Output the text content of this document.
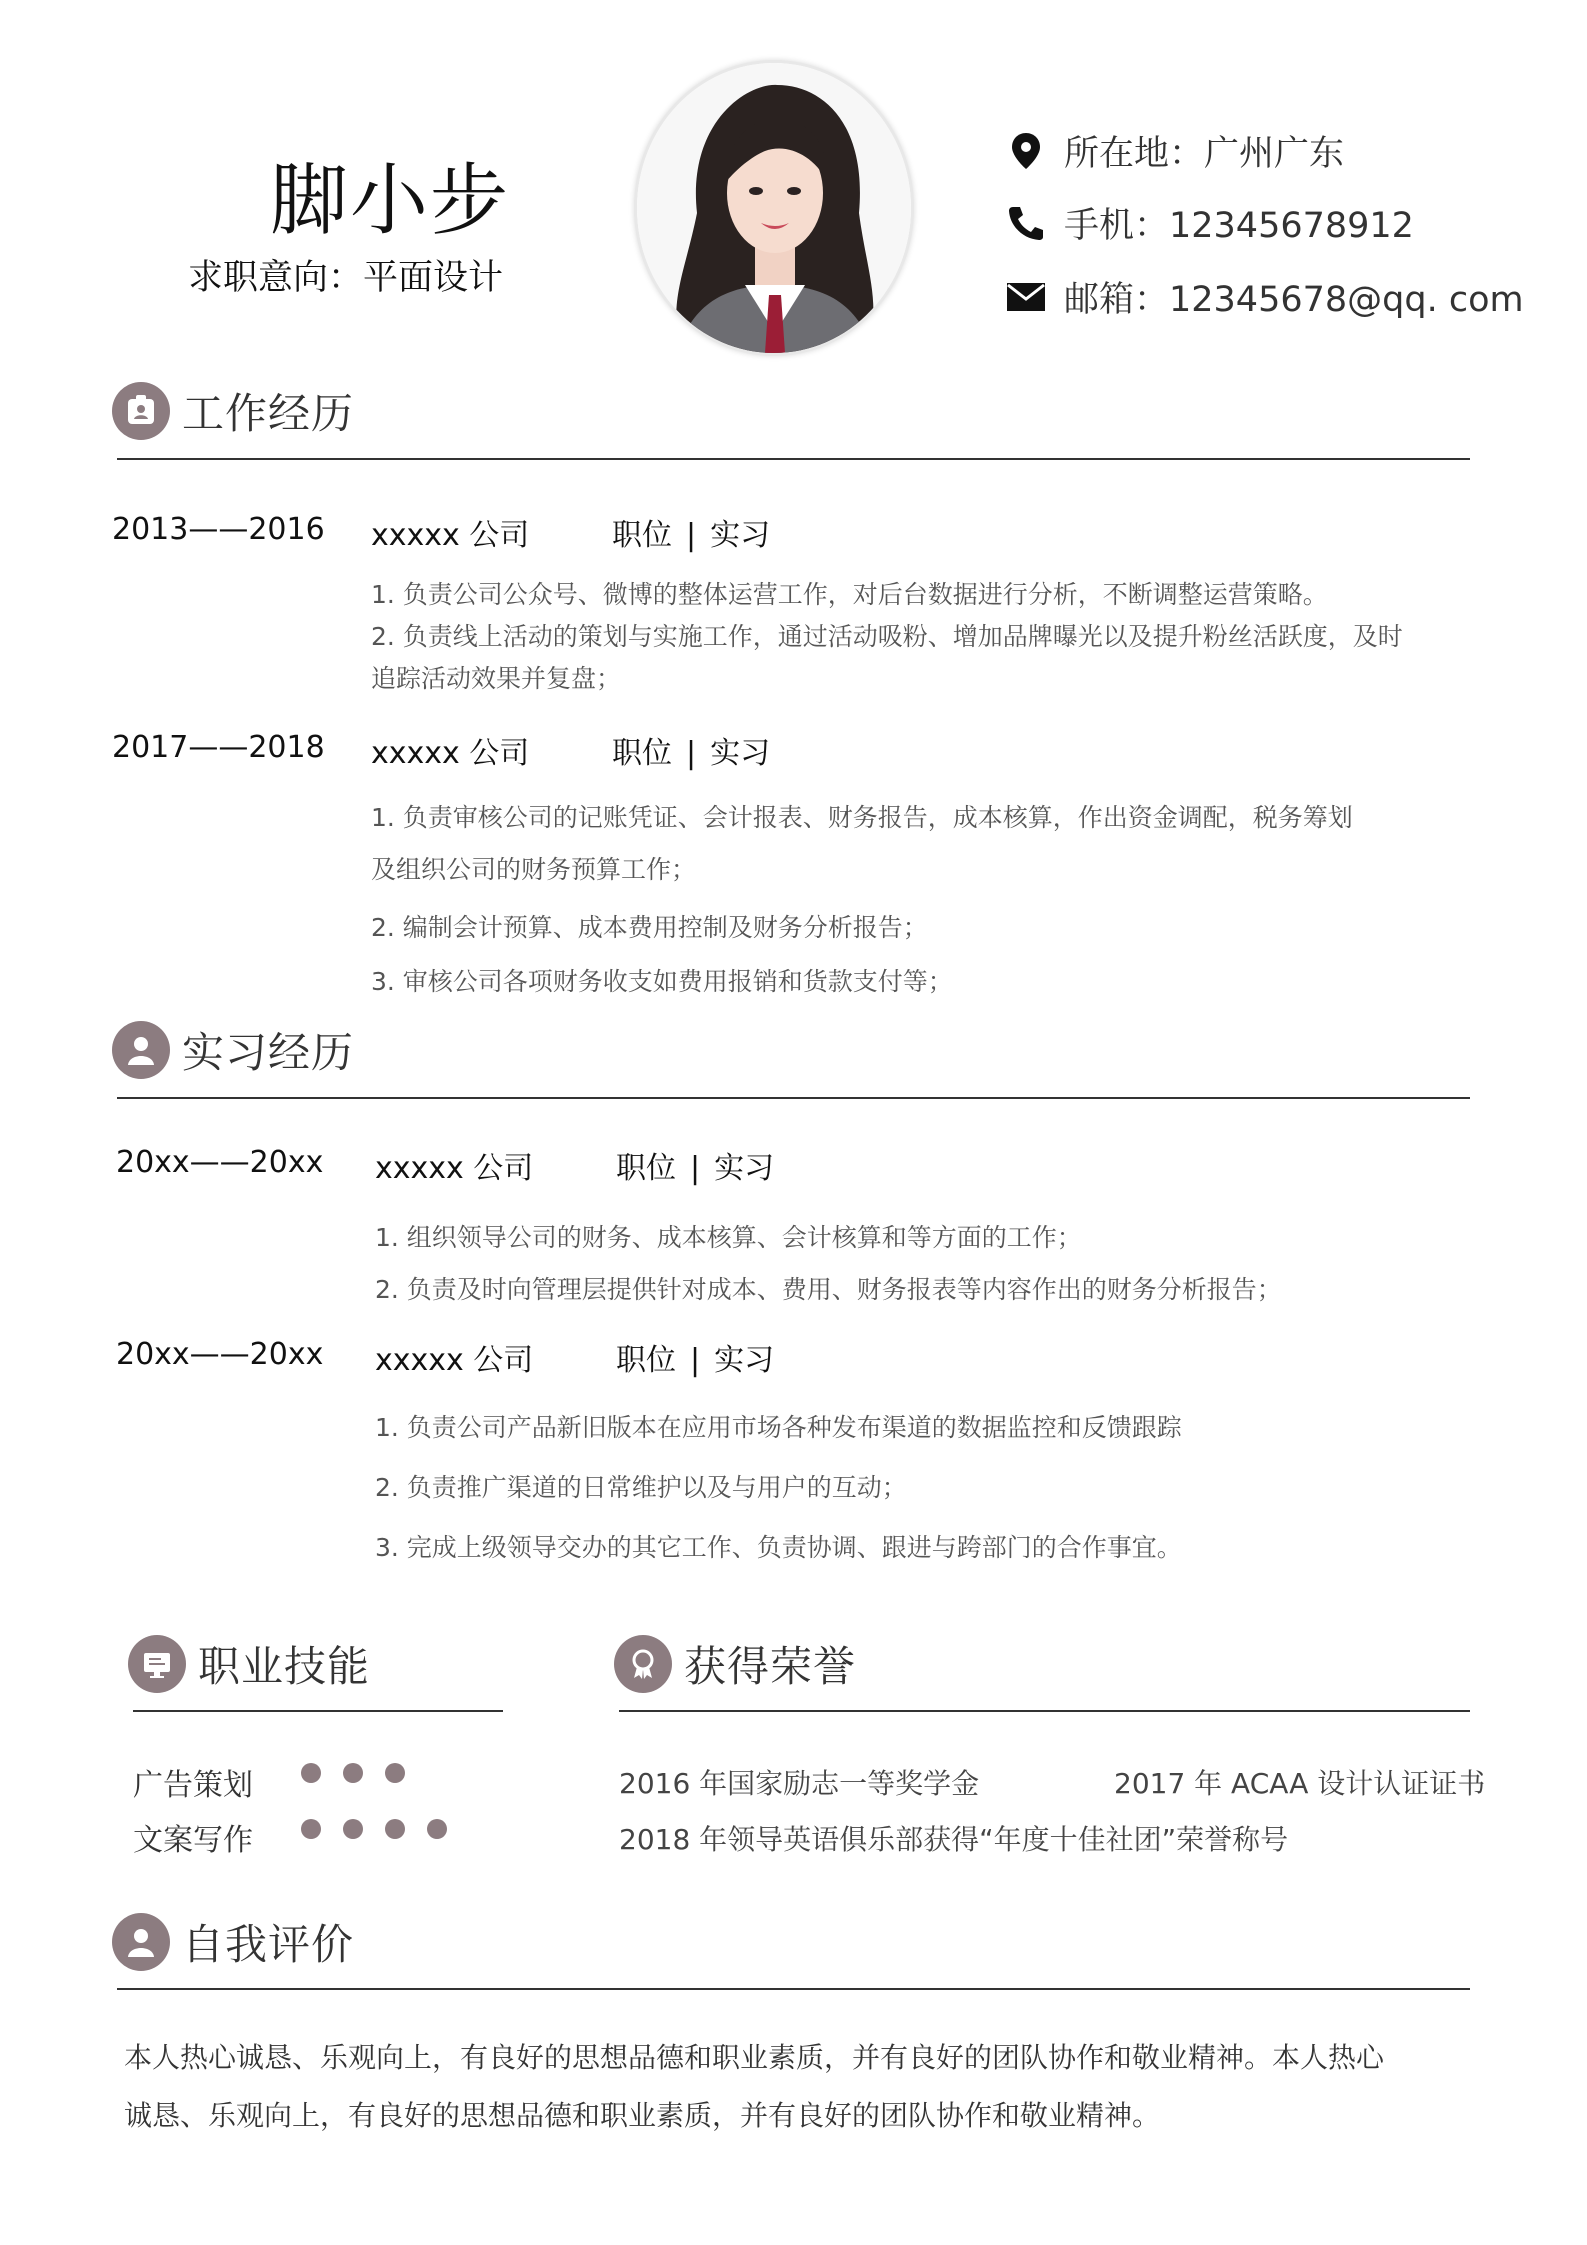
脚小步
求职意向：平面设计
所在地：广州广东
手机：12345678912
邮箱：12345678@qq. com
工作经历
2013——2016 xxxxx 公司	职位 | 实习
1. 负责公司公众号、微博的整体运营工作，对后台数据进行分析，不断调整运营策略。
2. 负责线上活动的策划与实施工作，通过活动吸粉、增加品牌曝光以及提升粉丝活跃度，及时
追踪活动效果并复盘；
2017——2018 xxxxx 公司	职位 | 实习
1. 负责审核公司的记账凭证、会计报表、财务报告，成本核算，作出资金调配，税务筹划
及组织公司的财务预算工作；
2. 编制会计预算、成本费用控制及财务分析报告；
3. 审核公司各项财务收支如费用报销和货款支付等；
实习经历
20xx——20xx xxxxx 公司	职位 | 实习
1. 组织领导公司的财务、成本核算、会计核算和等方面的工作；
2. 负责及时向管理层提供针对成本、费用、财务报表等内容作出的财务分析报告；
20xx——20xx xxxxx 公司	职位 | 实习
1. 负责公司产品新旧版本在应用市场各种发布渠道的数据监控和反馈跟踪
2. 负责推广渠道的日常维护以及与用户的互动；
3. 完成上级领导交办的其它工作、负责协调、跟进与跨部门的合作事宜。
职业技能
广告策划
文案写作
获得荣誉
2016 年国家励志一等奖学金	2017 年 ACAA 设计认证证书
2018 年领导英语俱乐部获得“年度十佳社团”荣誉称号
自我评价
本人热心诚恳、乐观向上，有良好的思想品德和职业素质，并有良好的团队协作和敬业精神。本人热心
诚恳、乐观向上，有良好的思想品德和职业素质，并有良好的团队协作和敬业精神。
